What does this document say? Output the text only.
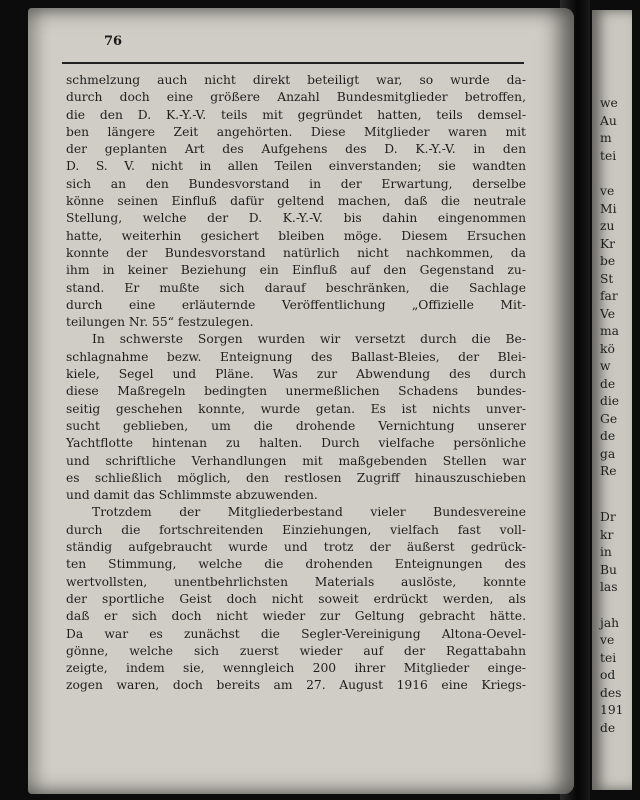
76
schmelzung auch nicht direkt beteiligt war, so wurde da-
durch doch eine größere Anzahl Bundesmitglieder betroffen,
die den D. K.-Y.-V. teils mit gegründet hatten, teils demsel-
ben längere Zeit angehörten. Diese Mitglieder waren mit
der geplanten Art des Aufgehens des D. K.-Y.-V. in den
D. S. V. nicht in allen Teilen einverstanden; sie wandten
sich an den Bundesvorstand in der Erwartung, derselbe
könne seinen Einfluß dafür geltend machen, daß die neutrale
Stellung, welche der D. K.-Y.-V. bis dahin eingenommen
hatte, weiterhin gesichert bleiben möge. Diesem Ersuchen
konnte der Bundesvorstand natürlich nicht nachkommen, da
ihm in keiner Beziehung ein Einfluß auf den Gegenstand zu-
stand. Er mußte sich darauf beschränken, die Sachlage
durch eine erläuternde Veröffentlichung „Offizielle Mit-
teilungen Nr. 55“ festzulegen.
In schwerste Sorgen wurden wir versetzt durch die Be-
schlagnahme bezw. Enteignung des Ballast-Bleies, der Blei-
kiele, Segel und Pläne. Was zur Abwendung des durch
diese Maßregeln bedingten unermeßlichen Schadens bundes-
seitig geschehen konnte, wurde getan. Es ist nichts unver-
sucht geblieben, um die drohende Vernichtung unserer
Yachtflotte hintenan zu halten. Durch vielfache persönliche
und schriftliche Verhandlungen mit maßgebenden Stellen war
es schließlich möglich, den restlosen Zugriff hinauszuschieben
und damit das Schlimmste abzuwenden.
Trotzdem der Mitgliederbestand vieler Bundesvereine
durch die fortschreitenden Einziehungen, vielfach fast voll-
ständig aufgebraucht wurde und trotz der äußerst gedrück-
ten Stimmung, welche die drohenden Enteignungen des
wertvollsten, unentbehrlichsten Materials auslöste, konnte
der sportliche Geist doch nicht soweit erdrückt werden, als
daß er sich doch nicht wieder zur Geltung gebracht hätte.
Da war es zunächst die Segler-Vereinigung Altona-Oevel-
gönne, welche sich zuerst wieder auf der Regattabahn
zeigte, indem sie, wenngleich 200 ihrer Mitglieder einge-
zogen waren, doch bereits am 27. August 1916 eine Kriegs-
we
Au
m
tei
ve
Mi
zu
Kr
be
St
far
Ve
ma
kö
w
de
die
Ge
de
ga
Re
Dr
kr
in
Bu
las
jah
ve
tei
od
des
191
de
